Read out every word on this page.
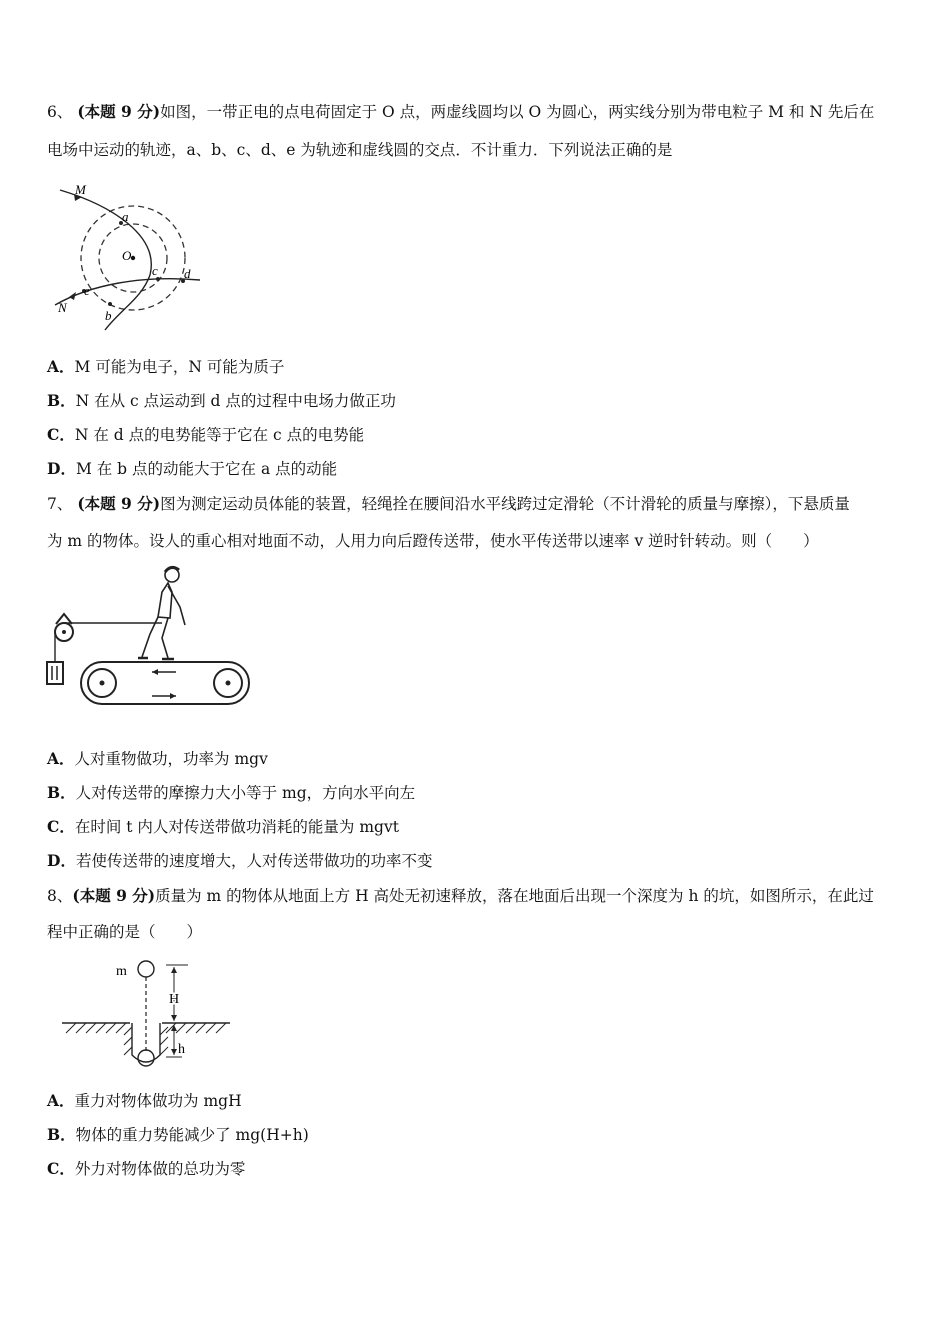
6、 (本题 9 分)如图，一带正电的点电荷固定于 O 点，两虚线圆均以 O 为圆心，两实线分别为带电粒子 M 和 N 先后在
电场中运动的轨迹，a、b、c、d、e 为轨迹和虚线圆的交点．不计重力．下列说法正确的是
M
N
O
a
b
c d
e
A．M 可能为电子，N 可能为质子
B．N 在从 c 点运动到 d 点的过程中电场力做正功
C．N 在 d 点的电势能等于它在 c 点的电势能
D．M 在 b 点的动能大于它在 a 点的动能
7、 (本题 9 分)图为测定运动员体能的装置，轻绳拴在腰间沿水平线跨过定滑轮（不计滑轮的质量与摩擦），下悬质量
为 m 的物体。设人的重心相对地面不动，人用力向后蹬传送带，使水平传送带以速率 v 逆时针转动。则（　　）
A．人对重物做功，功率为 mgv
B．人对传送带的摩擦力大小等于 mg，方向水平向左
C．在时间 t 内人对传送带做功消耗的能量为 mgvt
D．若使传送带的速度增大，人对传送带做功的功率不变
8、(本题 9 分)质量为 m 的物体从地面上方 H 高处无初速释放，落在地面后出现一个深度为 h 的坑，如图所示，在此过
程中正确的是（　　）
m
H
h
A．重力对物体做功为 mgH
B．物体的重力势能减少了 mg(H+h)
C．外力对物体做的总功为零
